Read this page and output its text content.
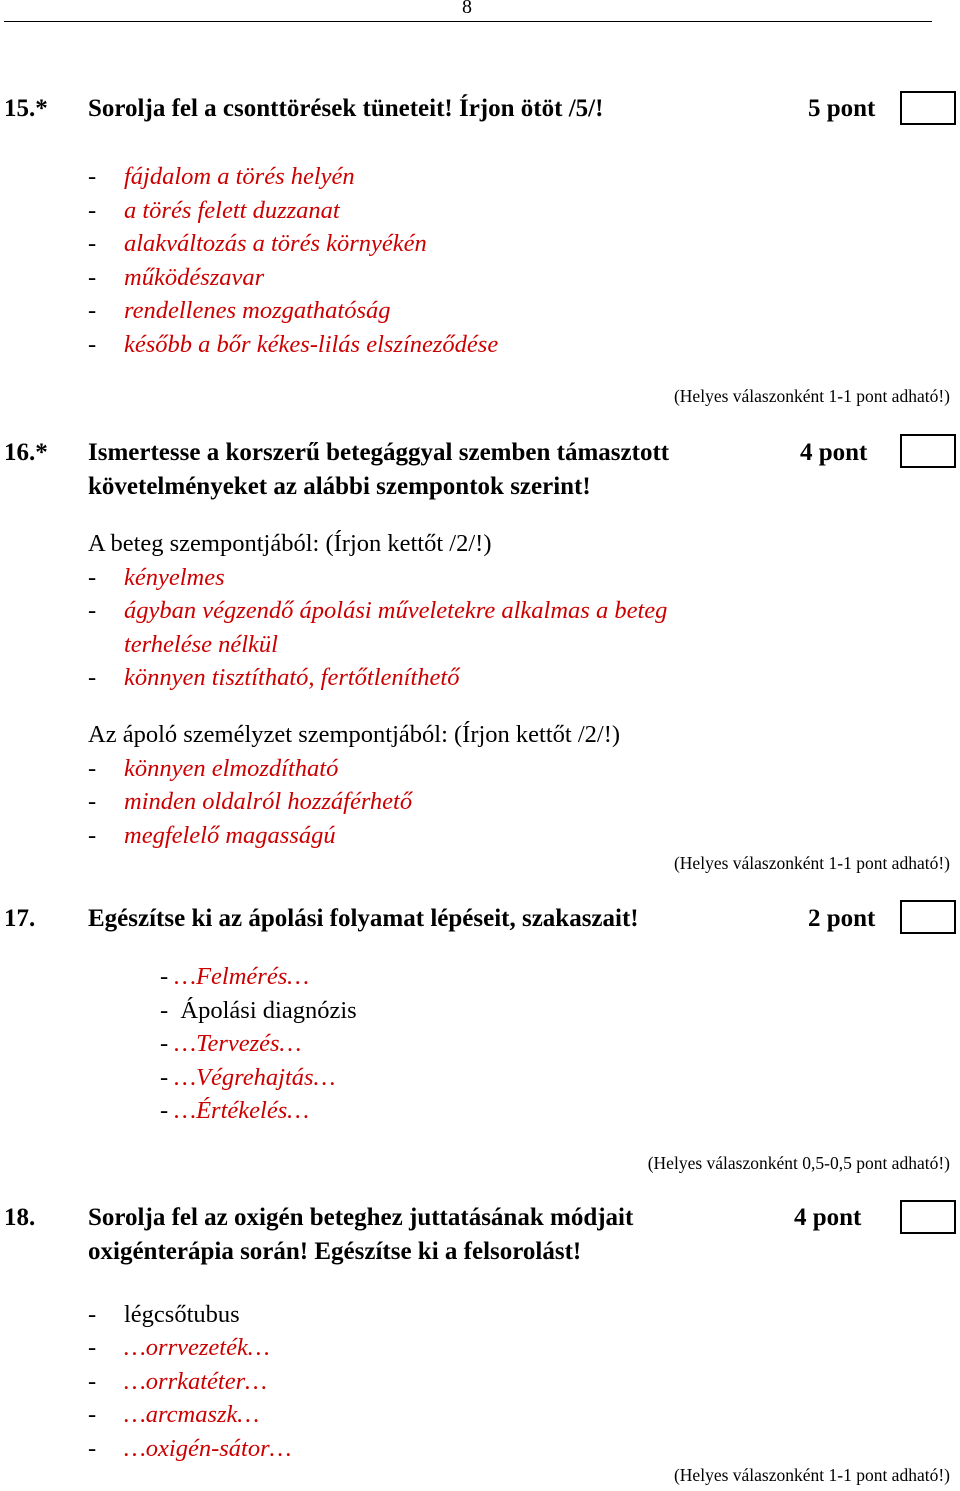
8
15.* Sorolja fel a csonttörések tüneteit! Írjon ötöt /5/!	5 pont
- fájdalom a törés helyén
- a törés felett duzzanat
- alakváltozás a törés környékén
- működészavar
- rendellenes mozgathatóság
- később a bőr kékes-lilás elszíneződése
(Helyes válaszonként 1-1 pont adható!)
16.* Ismertesse a korszerű betegággyal szemben támasztott
követelményeket az alábbi szempontok szerint!
4 pont
A beteg szempontjából: (Írjon kettőt /2/!)
- kényelmes
- ágyban végzendő ápolási műveletekre alkalmas a beteg
terhelése nélkül
- könnyen tisztítható, fertőtleníthető
Az ápoló személyzet szempontjából: (Írjon kettőt /2/!)
- könnyen elmozdítható
- minden oldalról hozzáférhető
- megfelelő magasságú
(Helyes válaszonként 1-1 pont adható!)
17. Egészítse ki az ápolási folyamat lépéseit, szakaszait!	2 pont
- …Felmérés…
- Ápolási diagnózis
- …Tervezés…
- …Végrehajtás…
- …Értékelés…
(Helyes válaszonként 0,5-0,5 pont adható!)
18. Sorolja fel az oxigén beteghez juttatásának módjait
oxigénterápia során! Egészítse ki a felsorolást!
4 pont
- légcsőtubus
- …orrvezeték…
- …orrkatéter…
- …arcmaszk…
- …oxigén-sátor…
(Helyes válaszonként 1-1 pont adható!)
